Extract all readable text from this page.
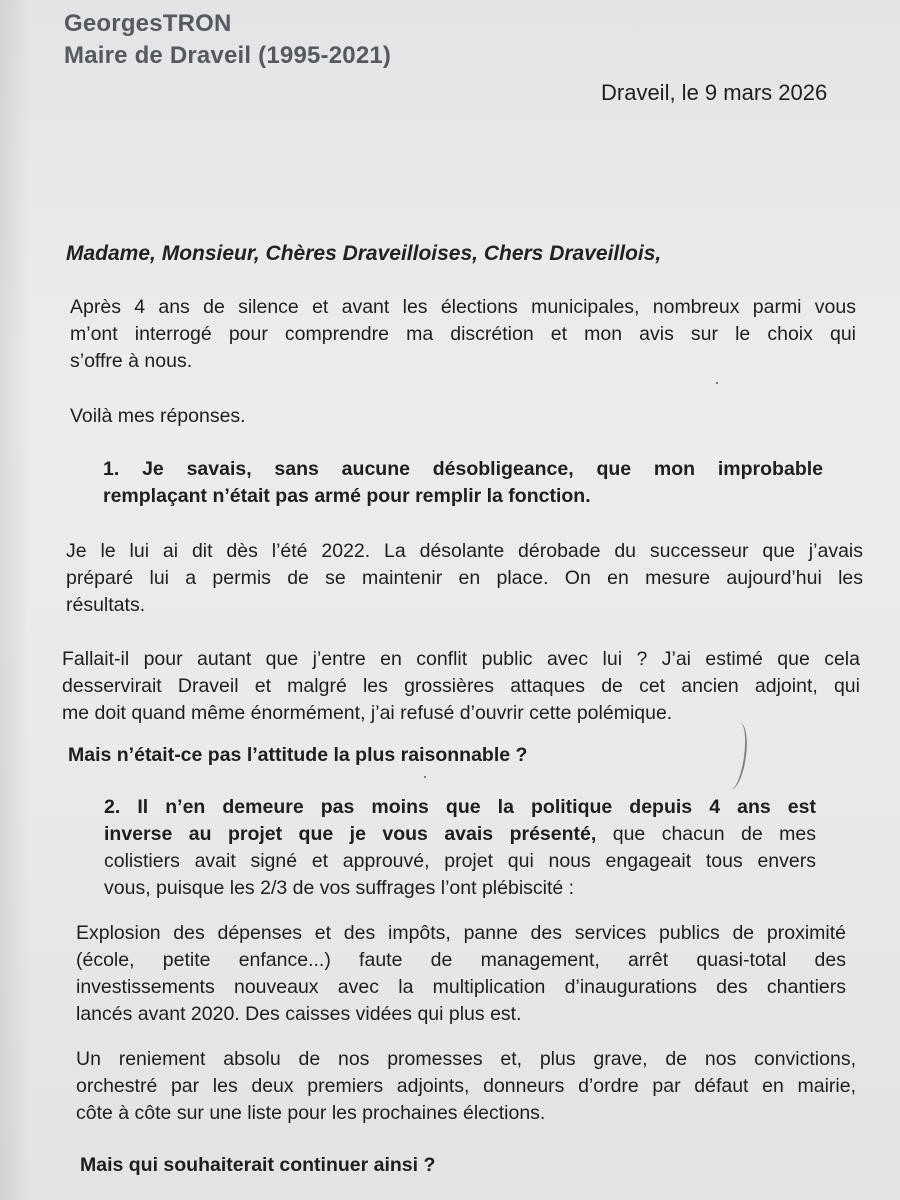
GeorgesTRON
Maire de Draveil (1995-2021)
Draveil, le 9 mars 2026
Madame, Monsieur, Chères Draveilloises, Chers Draveillois,
Après 4 ans de silence et avant les élections municipales, nombreux parmi vous
m’ont interrogé pour comprendre ma discrétion et mon avis sur le choix qui
s’offre à nous.
Voilà mes réponses.
1. Je savais, sans aucune désobligeance, que mon improbable
remplaçant n’était pas armé pour remplir la fonction.
Je le lui ai dit dès l’été 2022. La désolante dérobade du successeur que j’avais
préparé lui a permis de se maintenir en place. On en mesure aujourd’hui les
résultats.
Fallait-il pour autant que j’entre en conflit public avec lui ? J’ai estimé que cela
desservirait Draveil et malgré les grossières attaques de cet ancien adjoint, qui
me doit quand même énormément, j’ai refusé d’ouvrir cette polémique.
Mais n’était-ce pas l’attitude la plus raisonnable ?
2. Il n’en demeure pas moins que la politique depuis 4 ans est
inverse au projet que je vous avais présenté, que chacun de mes
colistiers avait signé et approuvé, projet qui nous engageait tous envers
vous, puisque les 2/3 de vos suffrages l’ont plébiscité :
Explosion des dépenses et des impôts, panne des services publics de proximité
(école, petite enfance...) faute de management, arrêt quasi-total des
investissements nouveaux avec la multiplication d’inaugurations des chantiers
lancés avant 2020. Des caisses vidées qui plus est.
Un reniement absolu de nos promesses et, plus grave, de nos convictions,
orchestré par les deux premiers adjoints, donneurs d’ordre par défaut en mairie,
côte à côte sur une liste pour les prochaines élections.
Mais qui souhaiterait continuer ainsi ?
